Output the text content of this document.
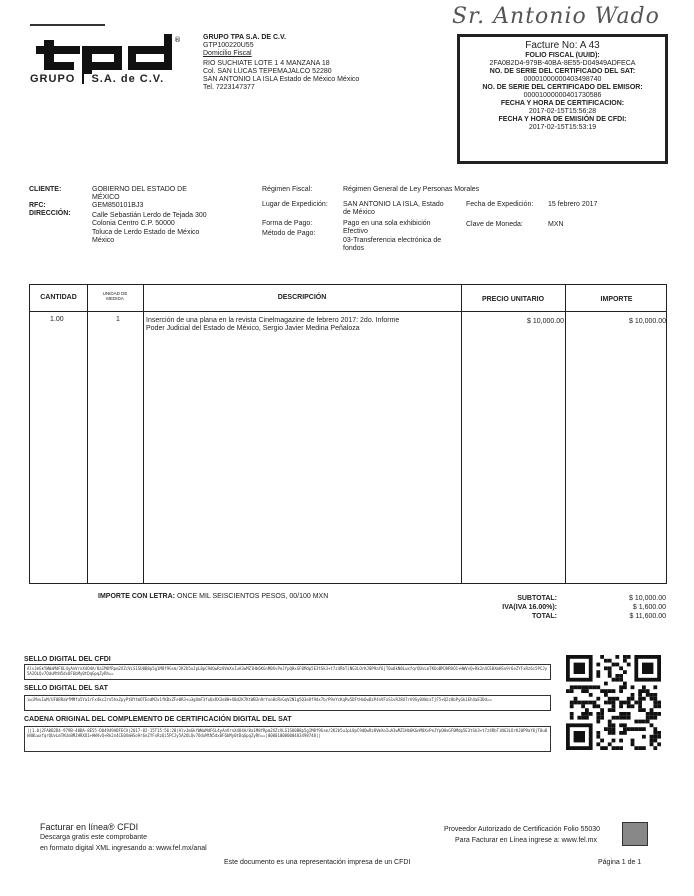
Sr. Antonio Wado
®
GRUPO S.A. de C.V.
GRUPO TPA S.A. DE C.V.
GTP100220U55
Domicilio Fiscal
RIO SUCHIATE LOTE 1 4 MANZANA 18
Col. SAN LUCAS TEPEMAJALCO 52280
SAN ANTONIO LA ISLA Estado de México México
Tel. 7223147377
Facture No: A 43
FOLIO FISCAL (UUID):
2FA0B2D4-979B-40BA-8E55-D04949ADFECA
NO. DE SERIE DEL CERTIFICADO DEL SAT:
00001000000403498740
NO. DE SERIE DEL CERTIFICADO DEL EMISOR:
00001000000401730586
FECHA Y HORA DE CERTIFICACION:
2017-02-15T15:56:28
FECHA Y HORA DE EMISIÓN DE CFDI:
2017-02-15T15:53:19
CLIENTE:	GOBIERNO DEL ESTADO DE
MÉXICO
RFC:	GEM850101BJ3
DIRECCIÓN:	Calle Sebastián Lerdo de Tejada 300
Colonia Centro C.P. 50000
Toluca de Lerdo Estado de México
México
Régimen Fiscal:	Régimen General de Ley Personas Morales
Lugar de Expedición: SAN ANTONIO LA ISLA, Estado
de México
Fecha de Expedición: 15 febrero 2017
Forma de Pago:	Pago en una sola exhibición
Efectivo
Clave de Moneda:	MXN
Método de Pago:
03-Transferencia electrónica de
fondos
CANTIDAD
UNIDAD DE
MEDIDA	DESCRIPCIÓN	PRECIO UNITARIO	IMPORTE
1.00	1	Inserción de una plana en la revista Cinelmagazine de febrero 2017: 2do. Informe
Poder Judicial del Estado de México, Sergio Javier Medina Peñaloza
$ 10,000.00	$ 10,000.00
IMPORTE CON LETRA: ONCE MIL SEISCIENTOS PESOS, 00/100 MXN	SUBTOTAL:	$ 10,000.00
IVA(IVA 16.00%):	$ 1,600.00
TOTAL:	$ 11,600.00
SELLO DIGITAL DEL CFDI
AlvJmGkYWWaMdF6L4yAnVrnX4O4A/8a1M8fRpm2XZcVLS1SU0B8p5g1M8f9Gsm/2K2b5uJpL8pC9dQwRz8VmXoIuA3wMZ1Hb6KGnM0XvPeJYpQHxGF0Mdp5E3tSk3+t7z4RbTiNG3LOrKJ0P9aY6jT0u8kN0LwxfqrQUvLmTKUoBMJHRXO1+HWVvQ+Rk2n4CE0XmHSo9r6eZYFxRz6i5PCJy5A2OLQv7OduMtN5dx8F6bMy0tDqGpqZyRh==
SELLO DIGITAL DEL SAT
iwiMvuIwM/UF0BRaVfMMfa5Ya1rFx4kc2rn5hxZpyPtBYtmOTEodMJx1fKBxZFe0R3+u3gUmF3fuQxRX3e8H+X8d2K7KtWB3n9rYxo8cRvGqV2N1g5Q3eOf9dx7b/P9oYcKqPw5DFtHo6wBzP4nVFxS1vRJ8U7rA9Sy0XWcxTjF5+Q2z8bPyGk1Eh4aE3Dd==
CADENA ORIGINAL DEL COMPLEMENTO DE CERTIFICACIÓN DIGITAL DEL SAT
||1.0|2FA0B2D4-979B-40BA-8E55-D04949ADFECA|2017-02-15T15:56:28|AlvJmGkYWWaMdF6L4yAnVrnX4O4A/8a1M8fRpm2XZcVLS1SU0B8p5g1M8f9Gsm/2K2b5uJpL8pC9dQwRz8VmXoIuA3wMZ1Hb6KGnM0XvPeJYpQHxGF0Mdp5E3tSk3+t7z4RbTiNG3LOrKJ0P9aY6jT0u8kN0LwxfqrQUvLmTKUoBMJHRXO1+HWVvQ+Rk2n4CE0XmHSo9r6eZYFxRz6i5PCJy5A2OLQv7OduMtN5dx8F6bMy0tDqGpqZyRh==|00001000000403498740||
Facturar en línea® CFDI
Descarga gratis este comprobante
en formato digital XML ingresando a: www.fel.mx/anal
Proveedor Autorizado de Certificación Folio 55030
Para Facturar en Línea ingrese a: www.fel.mx
Este documento es una representación impresa de un CFDI	Página 1 de 1
